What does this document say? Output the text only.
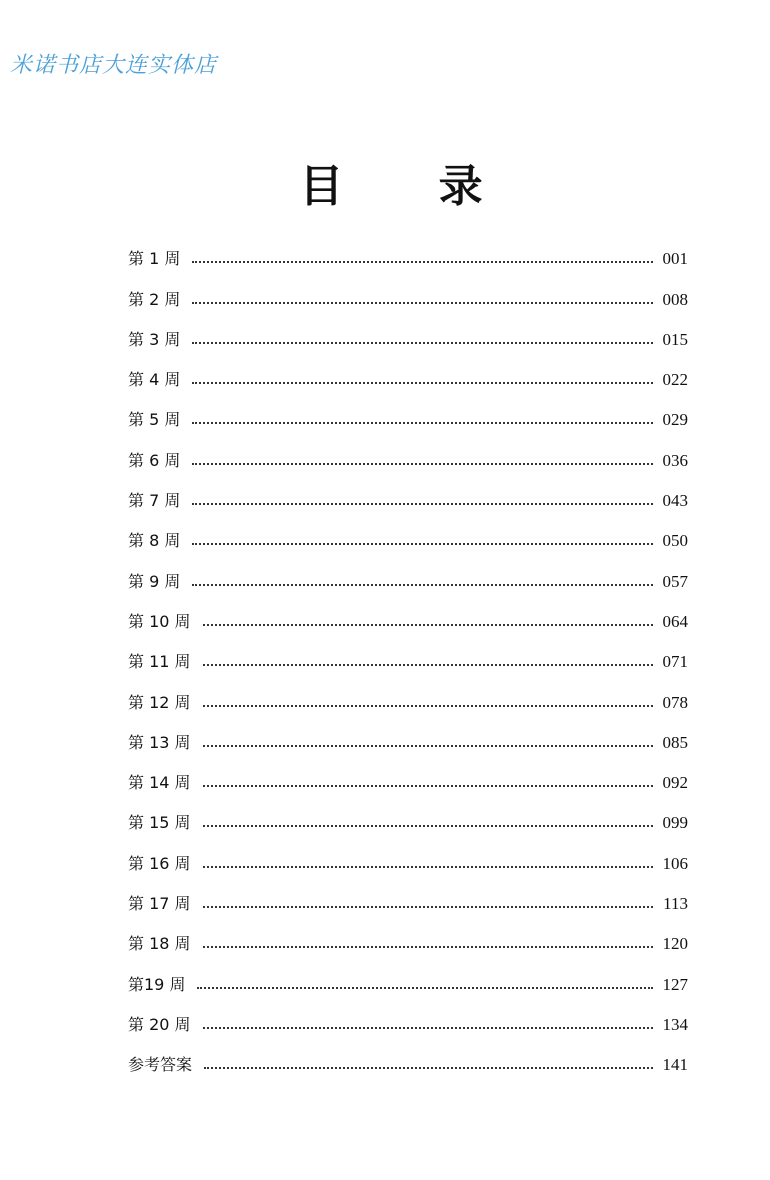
米诺书店大连实体店
目 录
第 1 周	001
第 2 周	008
第 3 周	015
第 4 周	022
第 5 周	029
第 6 周	036
第 7 周	043
第 8 周	050
第 9 周	057
第 10 周	064
第 11 周	071
第 12 周	078
第 13 周	085
第 14 周	092
第 15 周	099
第 16 周	106
第 17 周	113
第 18 周	120
第19 周	127
第 20 周	134
参考答案	141
